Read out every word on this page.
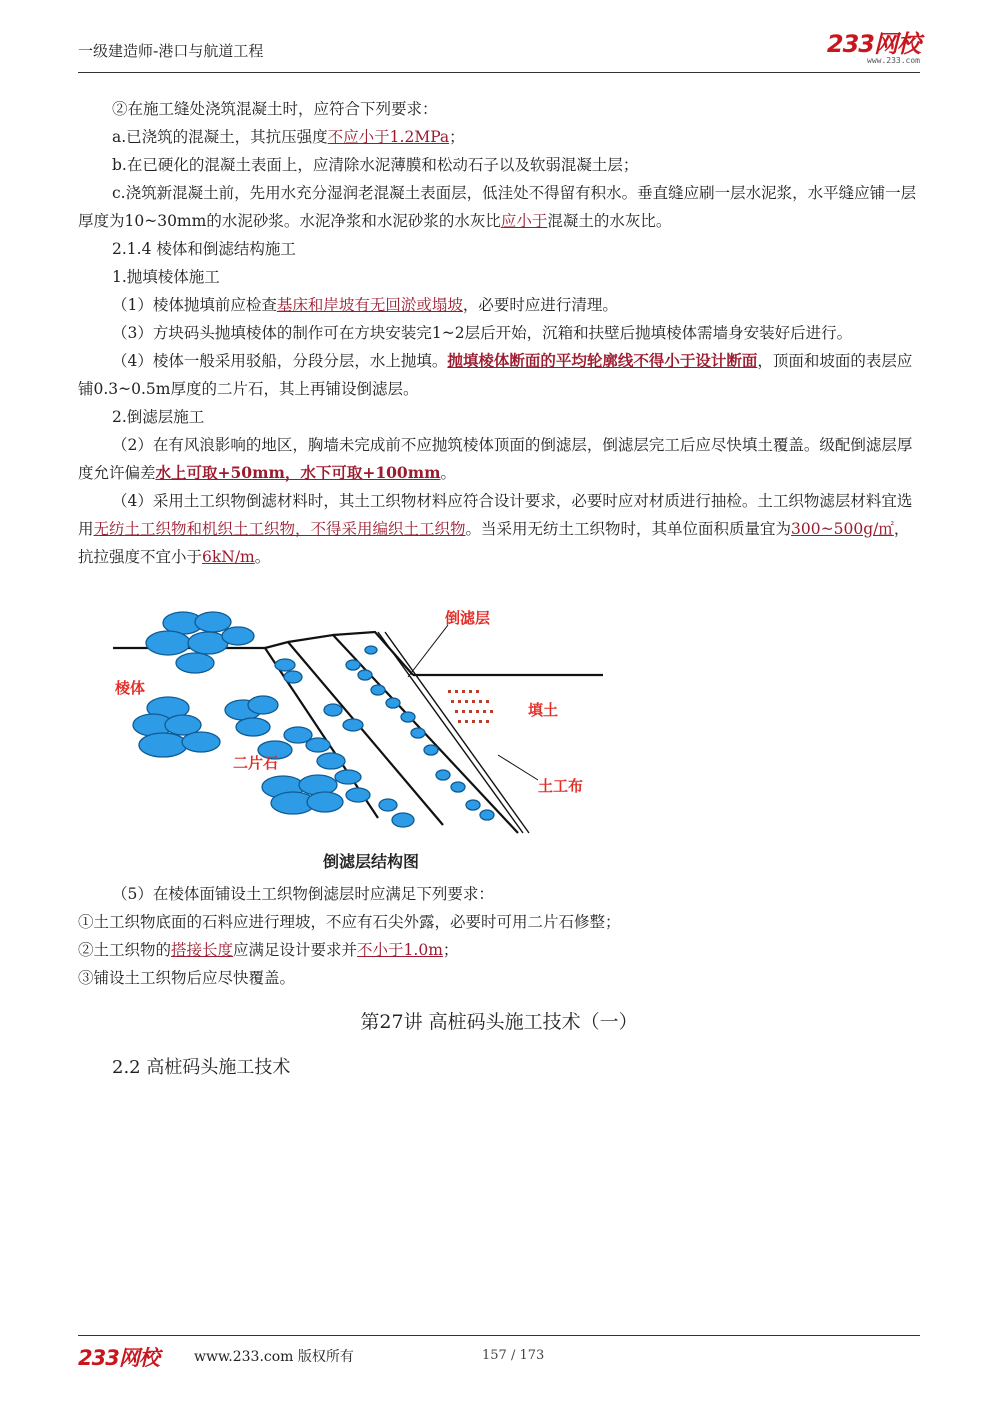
一级建造师-港口与航道工程	233网校
www.233.com

②在施工缝处浇筑混凝土时，应符合下列要求：

a.已浇筑的混凝土，其抗压强度不应小于1.2MPa；

b.在已硬化的混凝土表面上，应清除水泥薄膜和松动石子以及软弱混凝土层；

c.浇筑新混凝土前，先用水充分湿润老混凝土表面层，低洼处不得留有积水。垂直缝应刷一层水泥浆，水平缝应铺一层厚度为10~30mm的水泥砂浆。水泥净浆和水泥砂浆的水灰比应小于混凝土的水灰比。

2.1.4 棱体和倒滤结构施工

1.抛填棱体施工

（1）棱体抛填前应检查基床和岸坡有无回淤或塌坡，必要时应进行清理。

（3）方块码头抛填棱体的制作可在方块安装完1~2层后开始，沉箱和扶壁后抛填棱体需墙身安装好后进行。

（4）棱体一般采用驳船，分段分层，水上抛填。抛填棱体断面的平均轮廓线不得小于设计断面，顶面和坡面的表层应铺0.3~0.5m厚度的二片石，其上再铺设倒滤层。

2.倒滤层施工

（2）在有风浪影响的地区，胸墙未完成前不应抛筑棱体顶面的倒滤层，倒滤层完工后应尽快填土覆盖。级配倒滤层厚度允许偏差水上可取+50mm，水下可取+100mm。

（4）采用土工织物倒滤材料时，其土工织物材料应符合设计要求，必要时应对材质进行抽检。土工织物滤层材料宜选用无纺土工织物和机织土工织物，不得采用编织土工织物。当采用无纺土工织物时，其单位面积质量宜为300~500g/㎡，抗拉强度不宜小于6kN/m。

倒滤层
棱体
填土
二片石
土工布
倒滤层结构图

（5）在棱体面铺设土工织物倒滤层时应满足下列要求：

①土工织物底面的石料应进行理坡，不应有石尖外露，必要时可用二片石修整；

②土工织物的搭接长度应满足设计要求并不小于1.0m；

③铺设土工织物后应尽快覆盖。

第27讲 高桩码头施工技术（一）

2.2 高桩码头施工技术

233网校	www.233.com 版权所有	157 / 173
